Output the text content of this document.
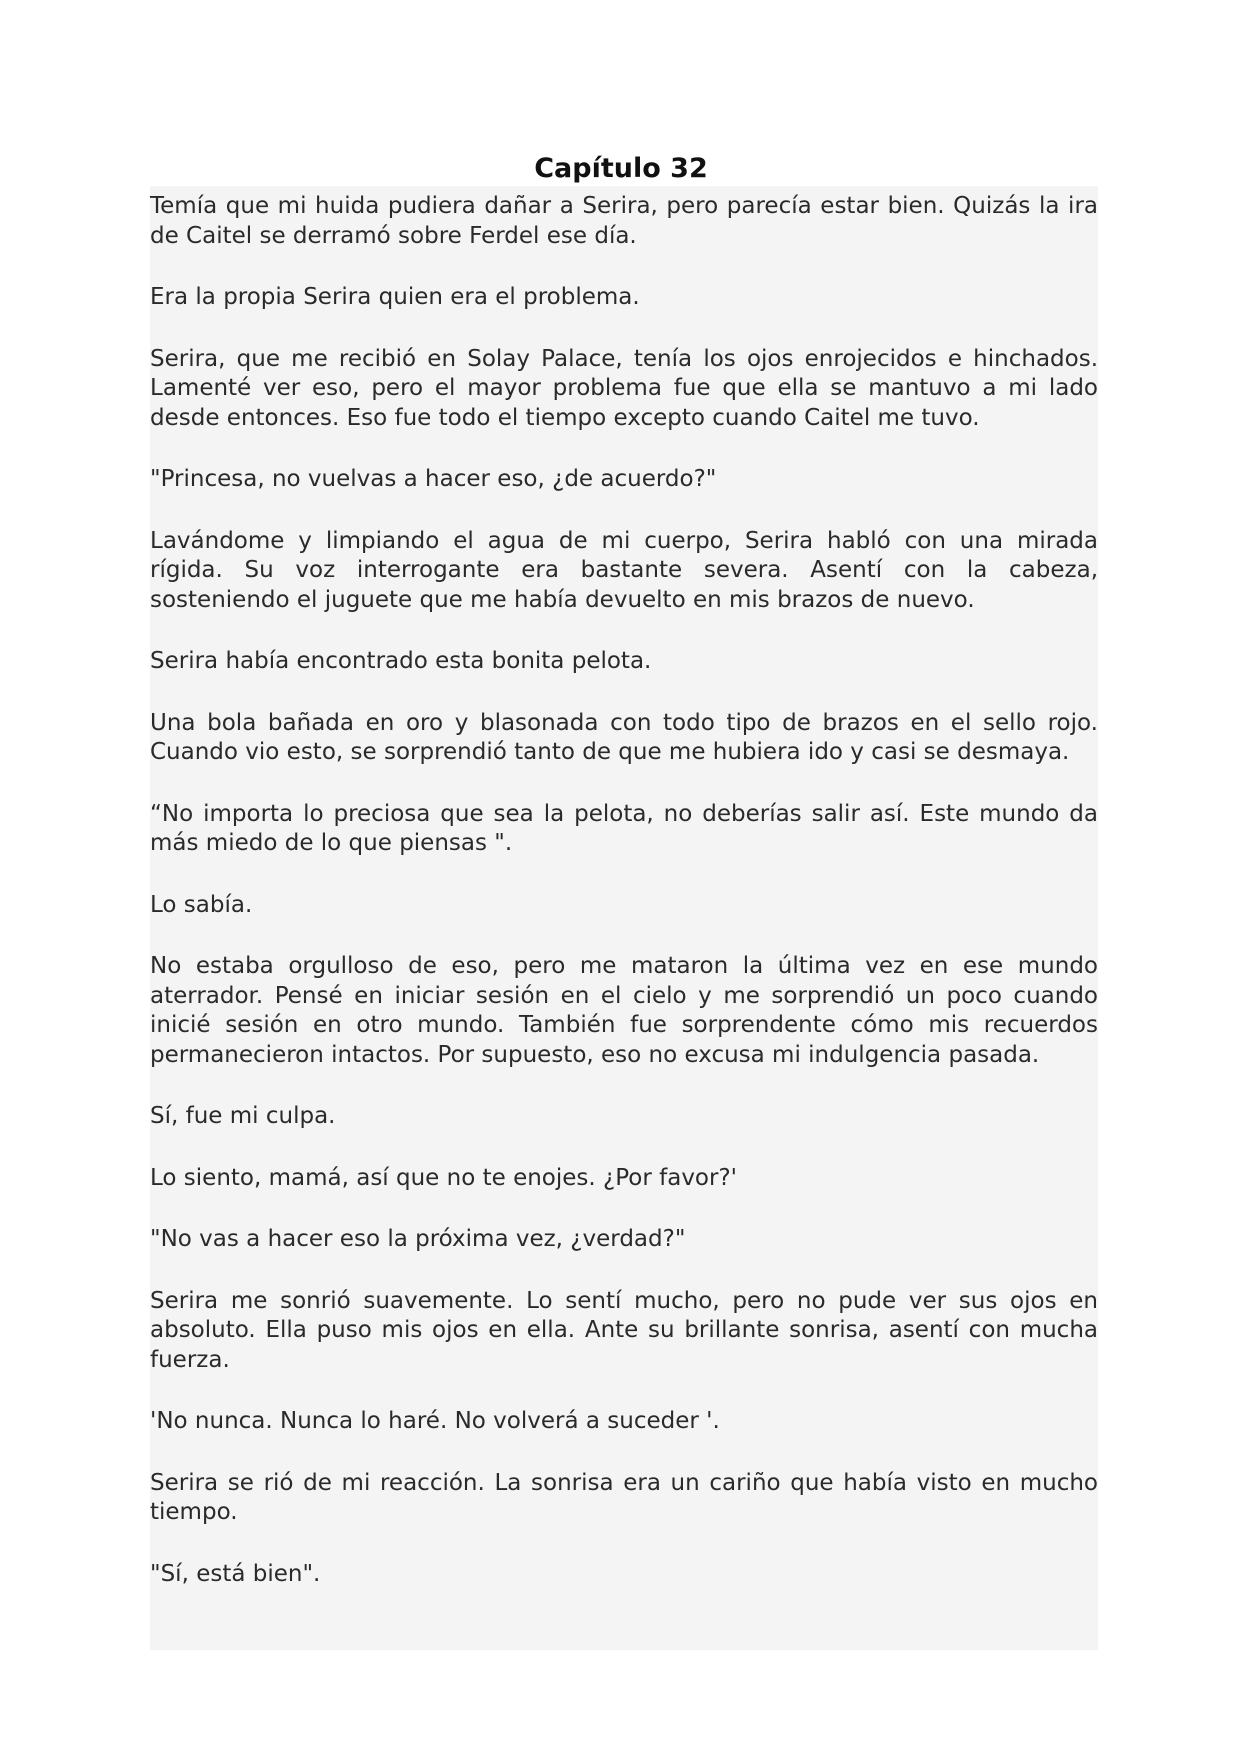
Capítulo 32

Temía que mi huida pudiera dañar a Serira, pero parecía estar bien. Quizás la ira de Caitel se derramó sobre Ferdel ese día.

Era la propia Serira quien era el problema.

Serira, que me recibió en Solay Palace, tenía los ojos enrojecidos e hinchados. Lamenté ver eso, pero el mayor problema fue que ella se mantuvo a mi lado desde entonces. Eso fue todo el tiempo excepto cuando Caitel me tuvo.

"Princesa, no vuelvas a hacer eso, ¿de acuerdo?"

Lavándome y limpiando el agua de mi cuerpo, Serira habló con una mirada rígida. Su voz interrogante era bastante severa. Asentí con la cabeza, sosteniendo el juguete que me había devuelto en mis brazos de nuevo.

Serira había encontrado esta bonita pelota.

Una bola bañada en oro y blasonada con todo tipo de brazos en el sello rojo. Cuando vio esto, se sorprendió tanto de que me hubiera ido y casi se desmaya.

“No importa lo preciosa que sea la pelota, no deberías salir así. Este mundo da más miedo de lo que piensas ".

Lo sabía.

No estaba orgulloso de eso, pero me mataron la última vez en ese mundo aterrador. Pensé en iniciar sesión en el cielo y me sorprendió un poco cuando inicié sesión en otro mundo. También fue sorprendente cómo mis recuerdos permanecieron intactos. Por supuesto, eso no excusa mi indulgencia pasada.

Sí, fue mi culpa.

Lo siento, mamá, así que no te enojes. ¿Por favor?'

"No vas a hacer eso la próxima vez, ¿verdad?"

Serira me sonrió suavemente. Lo sentí mucho, pero no pude ver sus ojos en absoluto. Ella puso mis ojos en ella. Ante su brillante sonrisa, asentí con mucha fuerza.

'No nunca. Nunca lo haré. No volverá a suceder '.

Serira se rió de mi reacción. La sonrisa era un cariño que había visto en mucho tiempo.

"Sí, está bien".
